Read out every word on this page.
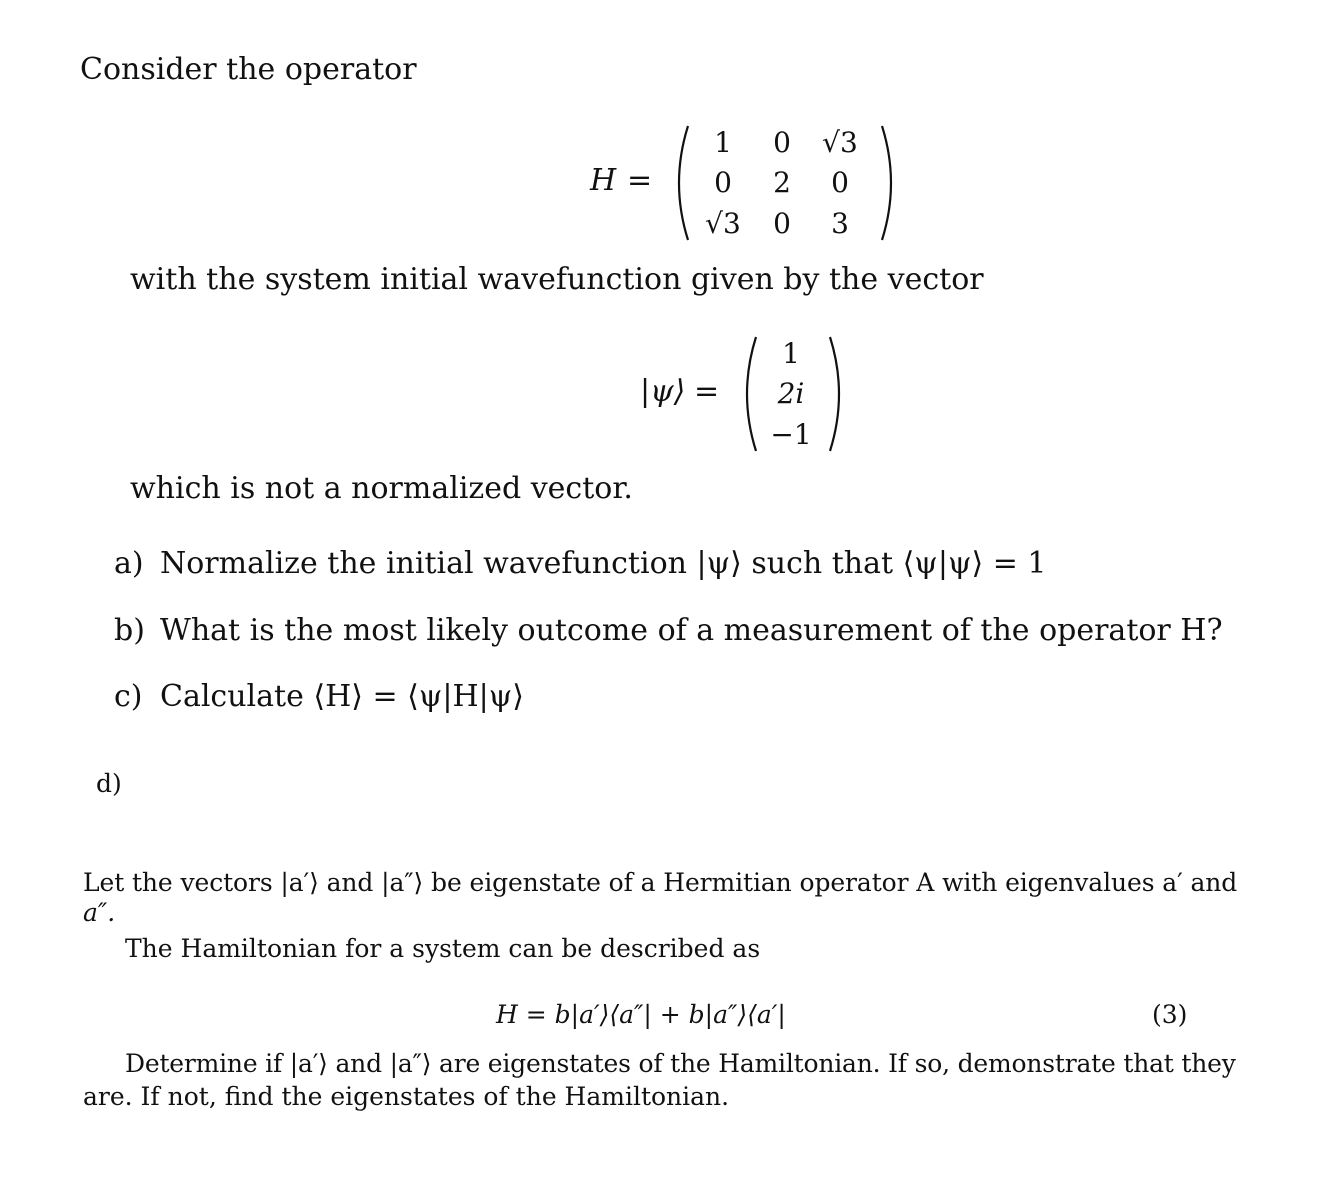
Consider the operator
H =
1	0	√3
0	2	0
√3	0	3
with the system initial wavefunction given by the vector
|ψ⟩ =
1
2i
−1
which is not a normalized vector.
a) Normalize the initial wavefunction |ψ⟩ such that ⟨ψ|ψ⟩ = 1
b) What is the most likely outcome of a measurement of the operator H?
c) Calculate ⟨H⟩ = ⟨ψ|H|ψ⟩
d)
Let the vectors |a′⟩ and |a″⟩ be eigenstate of a Hermitian operator A with eigenvalues a′ and
a″.
The Hamiltonian for a system can be described as
H = b|a′⟩⟨a″| + b|a″⟩⟨a′|	(3)
Determine if |a′⟩ and |a″⟩ are eigenstates of the Hamiltonian. If so, demonstrate that they
are. If not, find the eigenstates of the Hamiltonian.
